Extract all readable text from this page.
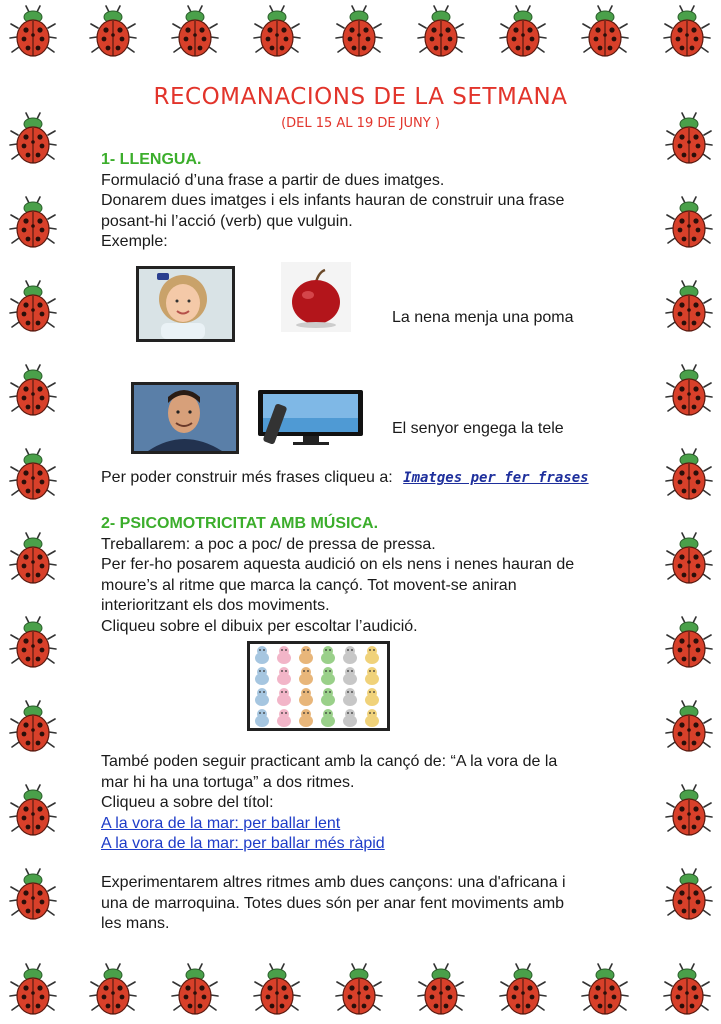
RECOMANACIONS DE LA SETMANA
(DEL 15 AL 19 DE JUNY )
1- LLENGUA.
Formulació d’una frase a partir de dues imatges.
Donarem dues imatges i els infants hauran de construir una frase
posant-hi l’acció (verb) que vulguin.
Exemple:
La nena menja una poma
El senyor engega la tele
Per poder construir més frases cliqueu a: Imatges per fer frases
2- PSICOMOTRICITAT AMB MÚSICA.
Treballarem: a poc a poc/ de pressa de pressa.
Per fer-ho posarem aquesta audició on els nens i nenes hauran de
moure’s al ritme que marca la cançó. Tot movent-se aniran
interioritzant els dos moviments.
Cliqueu sobre el dibuix per escoltar l’audició.
També poden seguir practicant amb la cançó de: “A la vora de la
mar hi ha una tortuga” a dos ritmes.
Cliqueu a sobre del títol:
A la vora de la mar: per ballar lent
A la vora de la mar: per ballar més ràpid
Experimentarem altres ritmes amb dues cançons: una d'africana i
una de marroquina. Totes dues són per anar fent moviments amb
les mans.
